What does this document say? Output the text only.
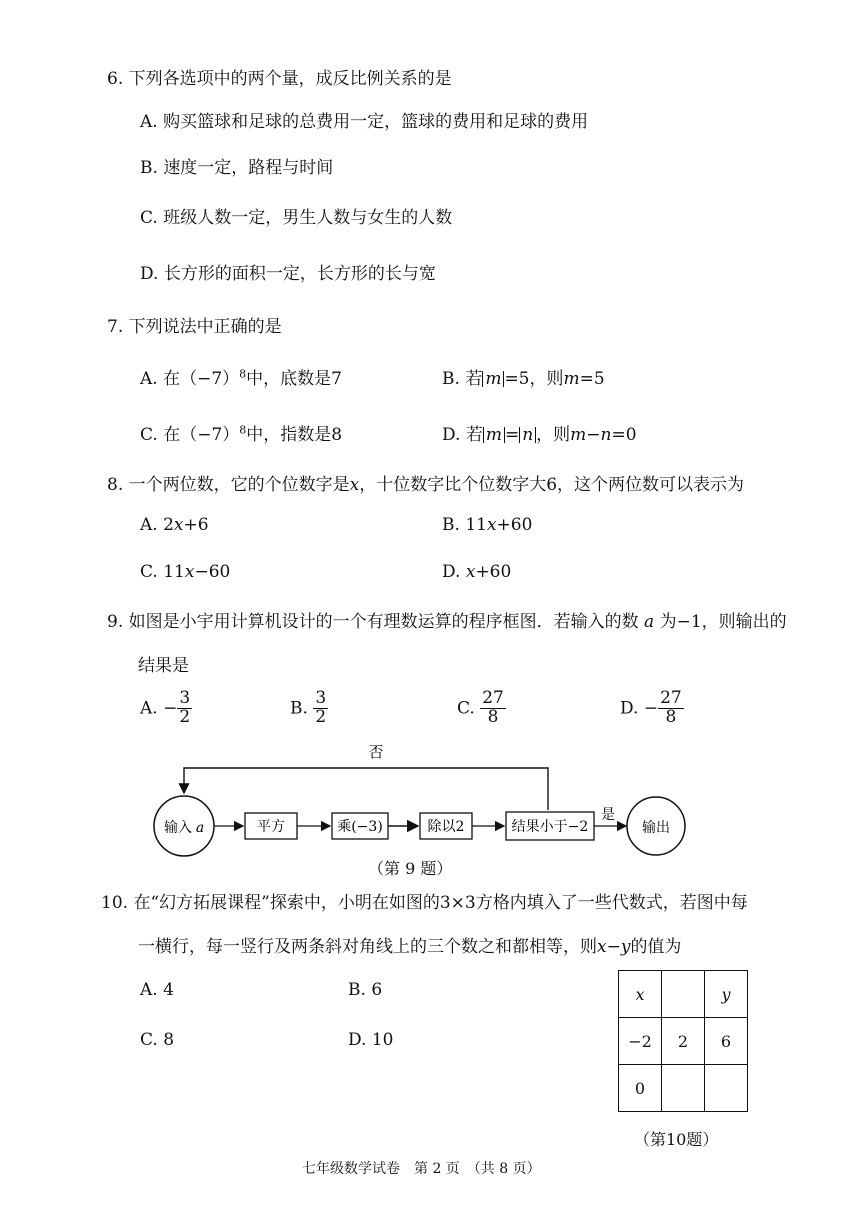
6. 下列各选项中的两个量，成反比例关系的是
A. 购买篮球和足球的总费用一定，篮球的费用和足球的费用
B. 速度一定，路程与时间
C. 班级人数一定，男生人数与女生的人数
D. 长方形的面积一定，长方形的长与宽
7. 下列说法中正确的是
A. 在$(-7)^8$中，底数是7	B. 若 m =5，则m=5
C. 在$(-7)^8$中，指数是8	D. 若 m = n ，则m−n=0
8. 一个两位数，它的个位数字是x，十位数字比个位数字大6，这个两位数可以表示为
A. 2x+6	B. 11x+60
C. 11x−60	D. x+60
9. 如图是小宇用计算机设计的一个有理数运算的程序框图．若输入的数 a 为−1，则输出的
结果是
A. − $\frac{3}{2}$	B. $\frac{3}{2}$	C. $\frac{27}{8}$	D. − $\frac{27}{8}$
否
输入 a	平方	乘(−3)	除以2	结果小于−2
是
输出
（第 9 题）
10. 在“幻方拓展课程”探索中，小明在如图的3×3方格内填入了一些代数式，若图中每
一横行，每一竖行及两条斜对角线上的三个数之和都相等，则x−y的值为
A. 4	B. 6
C. 8	D. 10
x		y
−2	2	6
0		
（第10题）
七年级数学试卷　第 2 页　（共 8 页）
